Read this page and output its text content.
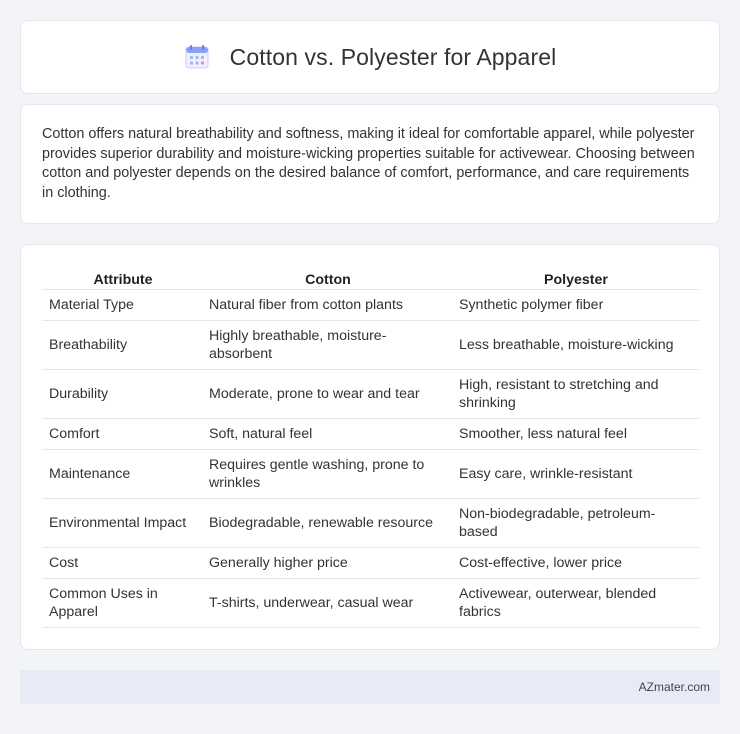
Cotton vs. Polyester for Apparel

Cotton offers natural breathability and softness, making it ideal for comfortable apparel, while polyester provides superior durability and moisture-wicking properties suitable for activewear. Choosing between cotton and polyester depends on the desired balance of comfort, performance, and care requirements in clothing.

Attribute	Cotton	Polyester
Material Type	Natural fiber from cotton plants	Synthetic polymer fiber
Breathability	Highly breathable, moisture-absorbent	Less breathable, moisture-wicking
Durability	Moderate, prone to wear and tear	High, resistant to stretching and shrinking
Comfort	Soft, natural feel	Smoother, less natural feel
Maintenance	Requires gentle washing, prone to wrinkles	Easy care, wrinkle-resistant
Environmental Impact	Biodegradable, renewable resource	Non-biodegradable, petroleum-based
Cost	Generally higher price	Cost-effective, lower price
Common Uses in Apparel	T-shirts, underwear, casual wear	Activewear, outerwear, blended fabrics
AZmater.com
